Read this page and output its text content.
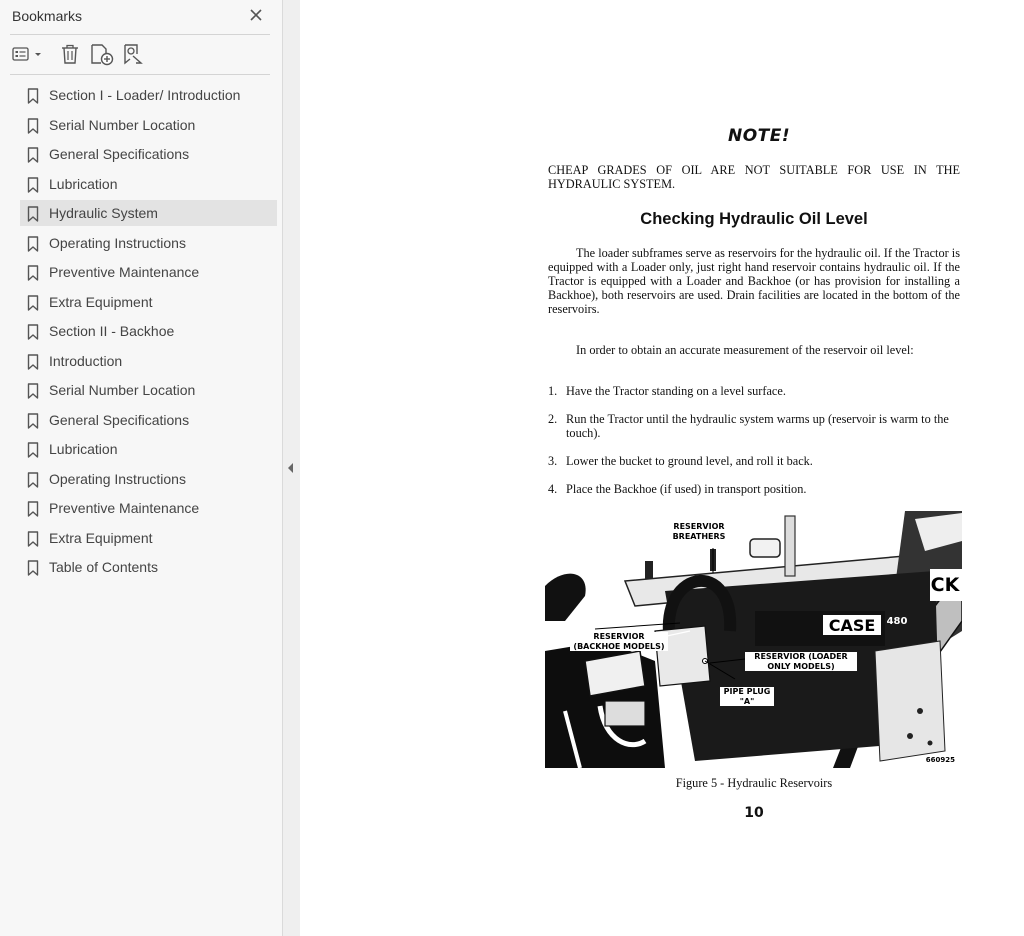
Bookmarks
Section I - Loader/ Introduction
Serial Number Location
General Specifications
Lubrication
Hydraulic System
Operating Instructions
Preventive Maintenance
Extra Equipment
Section II - Backhoe
Introduction
Serial Number Location
General Specifications
Lubrication
Operating Instructions
Preventive Maintenance
Extra Equipment
Table of Contents
NOTE!
CHEAP GRADES OF OIL ARE NOT SUITABLE FOR USE IN THE HYDRAULIC SYSTEM.
Checking Hydraulic Oil Level
The loader subframes serve as reservoirs for the hydraulic oil. If the Tractor is equipped with a Loader only, just right hand reservoir contains hydraulic oil. If the Tractor is equipped with a Loader and Backhoe (or has provision for installing a Backhoe), both reservoirs are used. Drain facilities are located in the bottom of the reservoirs.
In order to obtain an accurate measurement of the reservoir oil level:
1. Have the Tractor standing on a level surface.
2. Run the Tractor until the hydraulic system warms up (reservoir is warm to the touch).
3. Lower the bucket to ground level, and roll it back.
4. Place the Backhoe (if used) in transport position.
CASE 480
CK
660925
RESERVIOR BREATHERS
RESERVIOR (BACKHOE MODELS)
RESERVIOR (LOADER ONLY MODELS)
PIPE PLUG "A"
Figure 5 - Hydraulic Reservoirs
10
